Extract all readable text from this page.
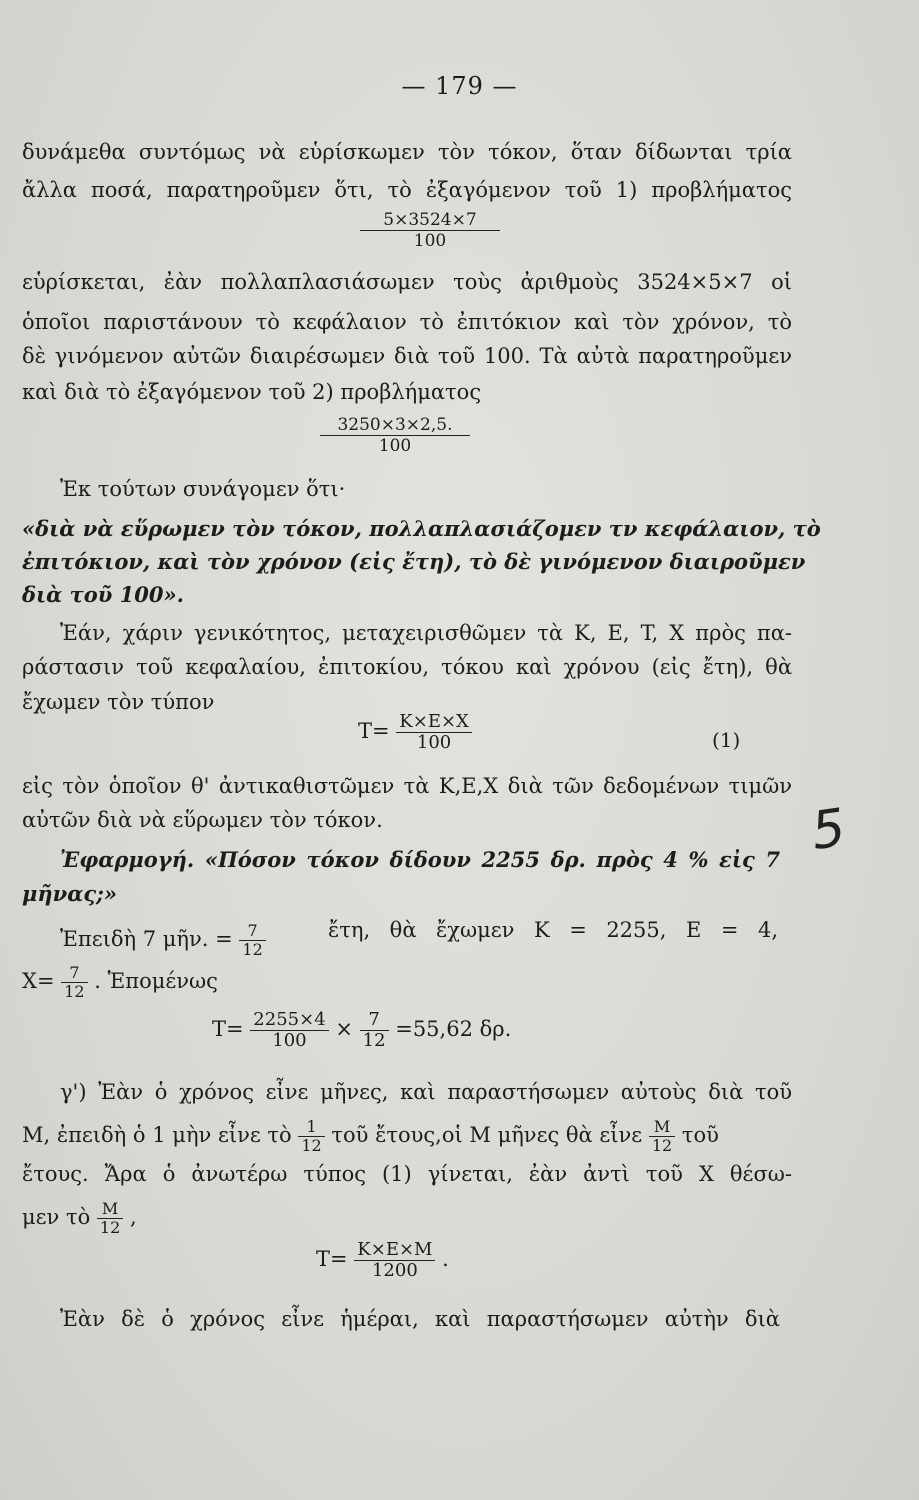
— 179 —
δυνάμεθα συντόμως νὰ εὑρίσκωμεν τὸν τόκον, ὅταν δίδωνται τρία
ἄλλα ποσά, παρατηροῦμεν ὅτι, τὸ ἐξαγόμενον τοῦ 1) προβλήματος
$\frac{5\times 3524\times 7}{100}$
εὑρίσκεται, ἐὰν πολλαπλασιάσωμεν τοὺς ἀριθμοὺς 3524×5×7 οἱ
ὁποῖοι παριστάνουν τὸ κεφάλαιον τὸ ἐπιτόκιον καὶ τὸν χρόνον, τὸ
δὲ γινόμενον αὐτῶν διαιρέσωμεν διὰ τοῦ 100. Τὰ αὐτὰ παρατηροῦμεν
καὶ διὰ τὸ ἐξαγόμενον τοῦ 2) προβλήματος
$\frac{3250\times 3\times 2,5.}{100}$
Ἐκ τούτων συνάγομεν ὅτι·
«διὰ νὰ εὕρωμεν τὸν τόκον, πολλαπλασιάζομεν τν κεφάλαιον, τὸ
ἐπιτόκιον, καὶ τὸν χρόνον (εἰς ἔτη), τὸ δὲ γινόμενον διαιροῦμεν
διὰ τοῦ 100».
Ἐάν, χάριν γενικότητος, μεταχειρισθῶμεν τὰ K, E, T, X πρὸς πα-
ράστασιν τοῦ κεφαλαίου, ἐπιτοκίου, τόκου καὶ χρόνου (εἰς ἔτη), θὰ
ἔχωμεν τὸν τύπον
$T= \frac{K\times E\times X}{100}$	(1)
εἰς τὸν ὁποῖον θ' ἀντικαθιστῶμεν τὰ K,E,X διὰ τῶν δεδομένων τιμῶν
αὐτῶν διὰ νὰ εὕρωμεν τὸν τόκον.
Ἐφαρμογή. «Πόσον τόκον δίδουν 2255 δρ. πρὸς 4 % εἰς 7
μῆνας;»
Ἐπειδὴ 7 μῆν. = $\frac{7}{12}$	ἔτη, θὰ ἔχωμεν K = 2255, E = 4,
$X= \frac{7}{12}$ . Ἑπομένως
$T= \frac{2255\times 4}{100} \times \frac{7}{12} =55,62$ δρ.
γ') Ἐὰν ὁ χρόνος εἶνε μῆνες, καὶ παραστήσωμεν αὐτοὺς διὰ τοῦ
M, ἐπειδὴ ὁ 1 μὴν εἶνε τὸ $\frac{1}{12}$ τοῦ ἔτους,οἱ M μῆνες θὰ εἶνε $\frac{M}{12}$ τοῦ
ἔτους. Ἄρα ὁ ἀνωτέρω τύπος (1) γίνεται, ἐὰν ἀντὶ τοῦ X θέσω-
μεν τὸ $\frac{M}{12}$ ,
$T= \frac{K\times E\times M}{1200}$ .
Ἐὰν δὲ ὁ χρόνος εἶνε ἡμέραι, καὶ παραστήσωμεν αὐτὴν διὰ
5
